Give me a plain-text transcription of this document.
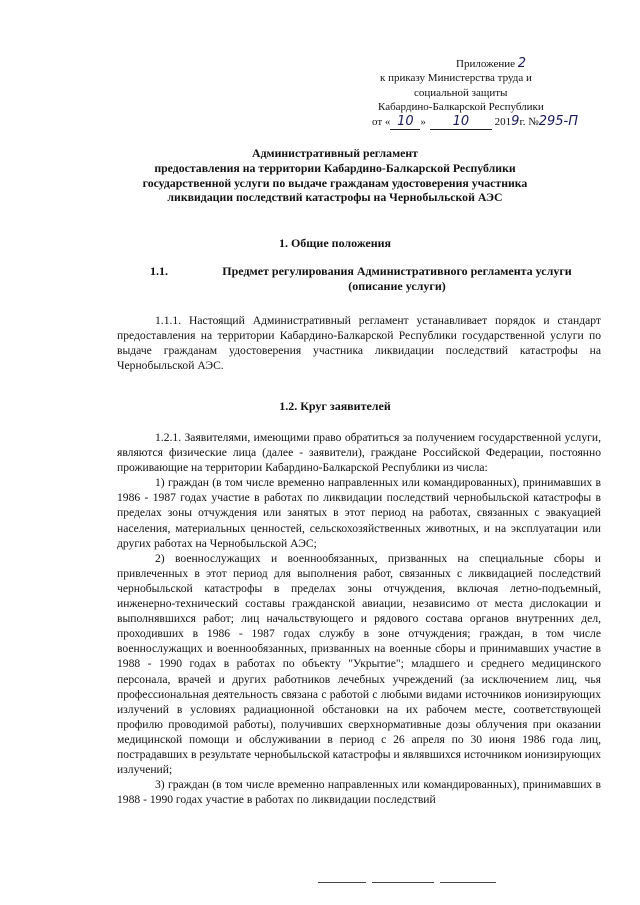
Приложение 2
к приказу Министерства труда и
социальной защиты
Кабардино-Балкарской Республики
от « 10 » 10 2019г. №295-П
Административный регламент
предоставления на территории Кабардино-Балкарской Республики
государственной услуги по выдаче гражданам удостоверения участника
ликвидации последствий катастрофы на Чернобыльской АЭС
1. Общие положения
1.1.	Предмет регулирования Административного регламента услуги
(описание услуги)

1.1.1. Настоящий Административный регламент устанавливает порядок и стандарт предоставления на территории Кабардино-Балкарской Республики государственной услуги по выдаче гражданам удостоверения участника ликвидации последствий катастрофы на Чернобыльской АЭС.

1.2. Круг заявителей

1.2.1. Заявителями, имеющими право обратиться за получением государственной услуги, являются физические лица (далее - заявители), граждане Российской Федерации, постоянно проживающие на территории Кабардино-Балкарской Республики из числа:

1) граждан (в том числе временно направленных или командированных), принимавших в 1986 - 1987 годах участие в работах по ликвидации последствий чернобыльской катастрофы в пределах зоны отчуждения или занятых в этот период на работах, связанных с эвакуацией населения, материальных ценностей, сельскохозяйственных животных, и на эксплуатации или других работах на Чернобыльской АЭС;

2) военнослужащих и военнообязанных, призванных на специальные сборы и привлеченных в этот период для выполнения работ, связанных с ликвидацией последствий чернобыльской катастрофы в пределах зоны отчуждения, включая летно-подъемный, инженерно-технический составы гражданской авиации, независимо от места дислокации и выполнявшихся работ; лиц начальствующего и рядового состава органов внутренних дел, проходивших в 1986 - 1987 годах службу в зоне отчуждения; граждан, в том числе военнослужащих и военнообязанных, призванных на военные сборы и принимавших участие в 1988 - 1990 годах в работах по объекту "Укрытие"; младшего и среднего медицинского персонала, врачей и других работников лечебных учреждений (за исключением лиц, чья профессиональная деятельность связана с работой с любыми видами источников ионизирующих излучений в условиях радиационной обстановки на их рабочем месте, соответствующей профилю проводимой работы), получивших сверхнормативные дозы облучения при оказании медицинской помощи и обслуживании в период с 26 апреля по 30 июня 1986 года лиц, пострадавших в результате чернобыльской катастрофы и являвшихся источником ионизирующих излучений;

3) граждан (в том числе временно направленных или командированных), принимавших в 1988 - 1990 годах участие в работах по ликвидации последствий
